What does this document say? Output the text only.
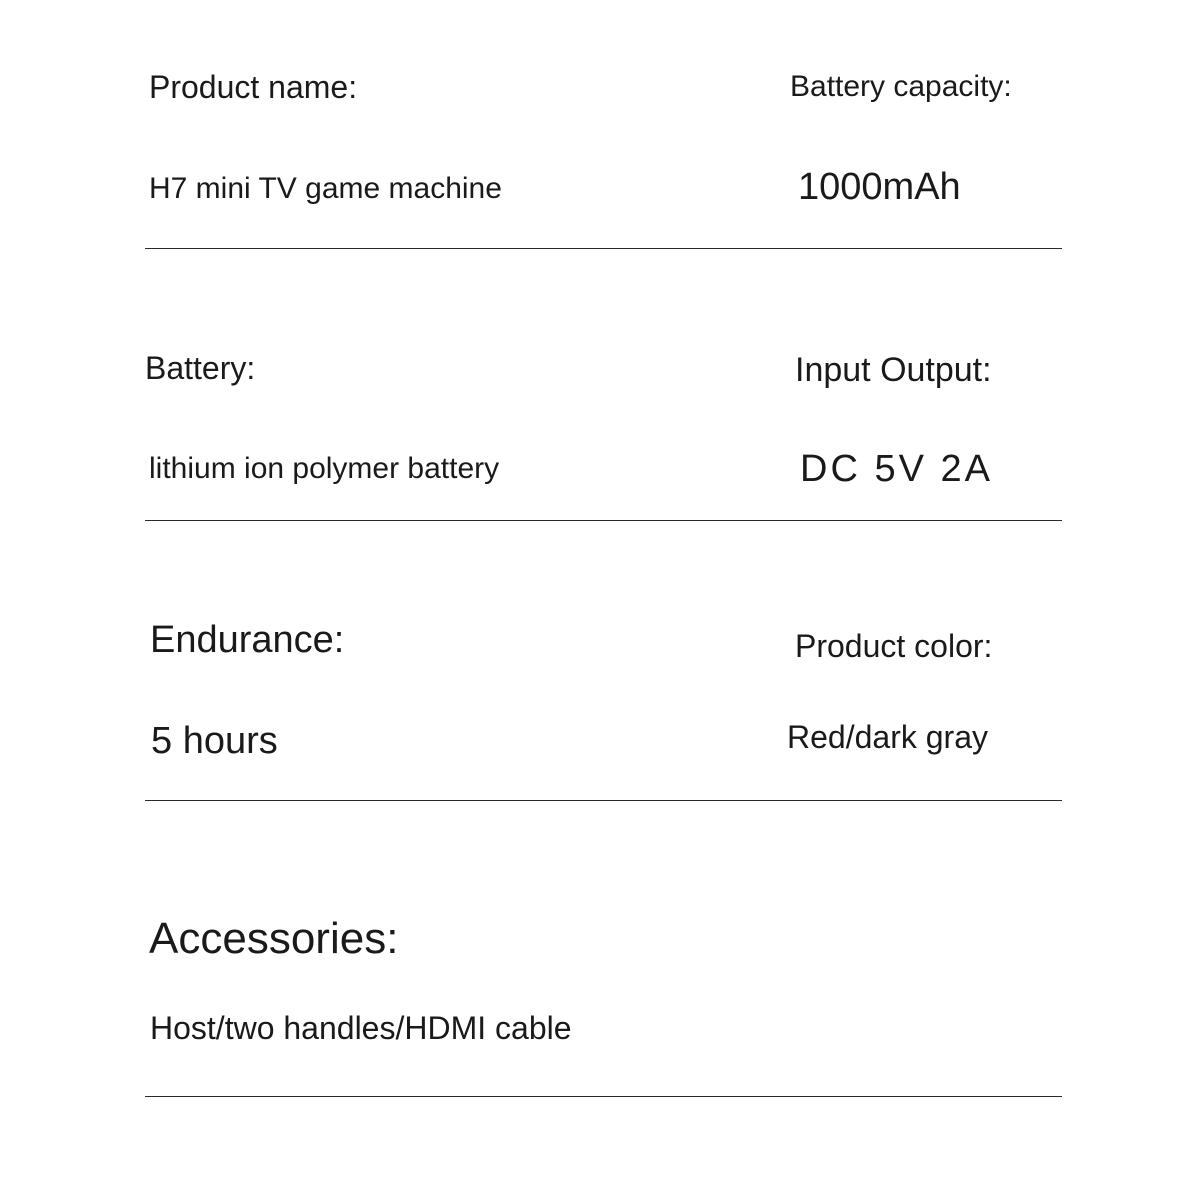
Product name:	Battery capacity:
H7 mini TV game machine	1000mAh
Battery:	Input Output:
lithium ion polymer battery	DC 5V 2A
Endurance:	Product color:
5 hours	Red/dark gray
Accessories:
Host/two handles/HDMI cable
